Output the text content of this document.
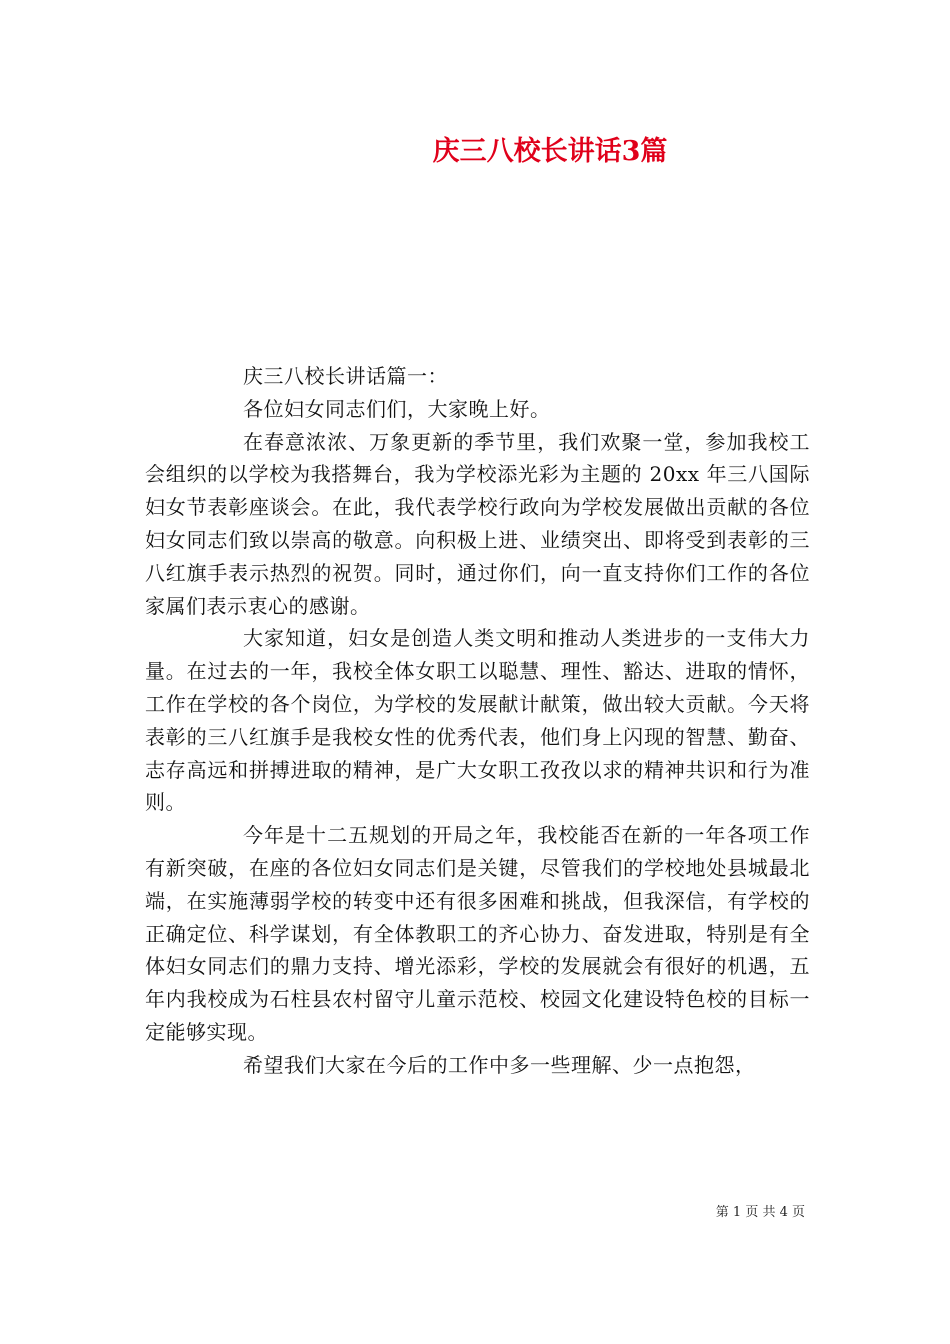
庆三八校长讲话3篇

庆三八校长讲话篇一：

各位妇女同志们们，大家晚上好。

在春意浓浓、万象更新的季节里，我们欢聚一堂，参加我校工会组织的以学校为我搭舞台，我为学校添光彩为主题的 20xx 年三八国际妇女节表彰座谈会。在此，我代表学校行政向为学校发展做出贡献的各位妇女同志们致以崇高的敬意。向积极上进、业绩突出、即将受到表彰的三八红旗手表示热烈的祝贺。同时，通过你们，向一直支持你们工作的各位家属们表示衷心的感谢。

大家知道，妇女是创造人类文明和推动人类进步的一支伟大力量。在过去的一年，我校全体女职工以聪慧、理性、豁达、进取的情怀，工作在学校的各个岗位，为学校的发展献计献策，做出较大贡献。今天将表彰的三八红旗手是我校女性的优秀代表，他们身上闪现的智慧、勤奋、志存高远和拼搏进取的精神，是广大女职工孜孜以求的精神共识和行为准则。

今年是十二五规划的开局之年，我校能否在新的一年各项工作有新突破，在座的各位妇女同志们是关键，尽管我们的学校地处县城最北端，在实施薄弱学校的转变中还有很多困难和挑战，但我深信，有学校的正确定位、科学谋划，有全体教职工的齐心协力、奋发进取，特别是有全体妇女同志们的鼎力支持、增光添彩，学校的发展就会有很好的机遇，五年内我校成为石柱县农村留守儿童示范校、校园文化建设特色校的目标一定能够实现。

希望我们大家在今后的工作中多一些理解、少一点抱怨，

第 1 页 共 4 页
